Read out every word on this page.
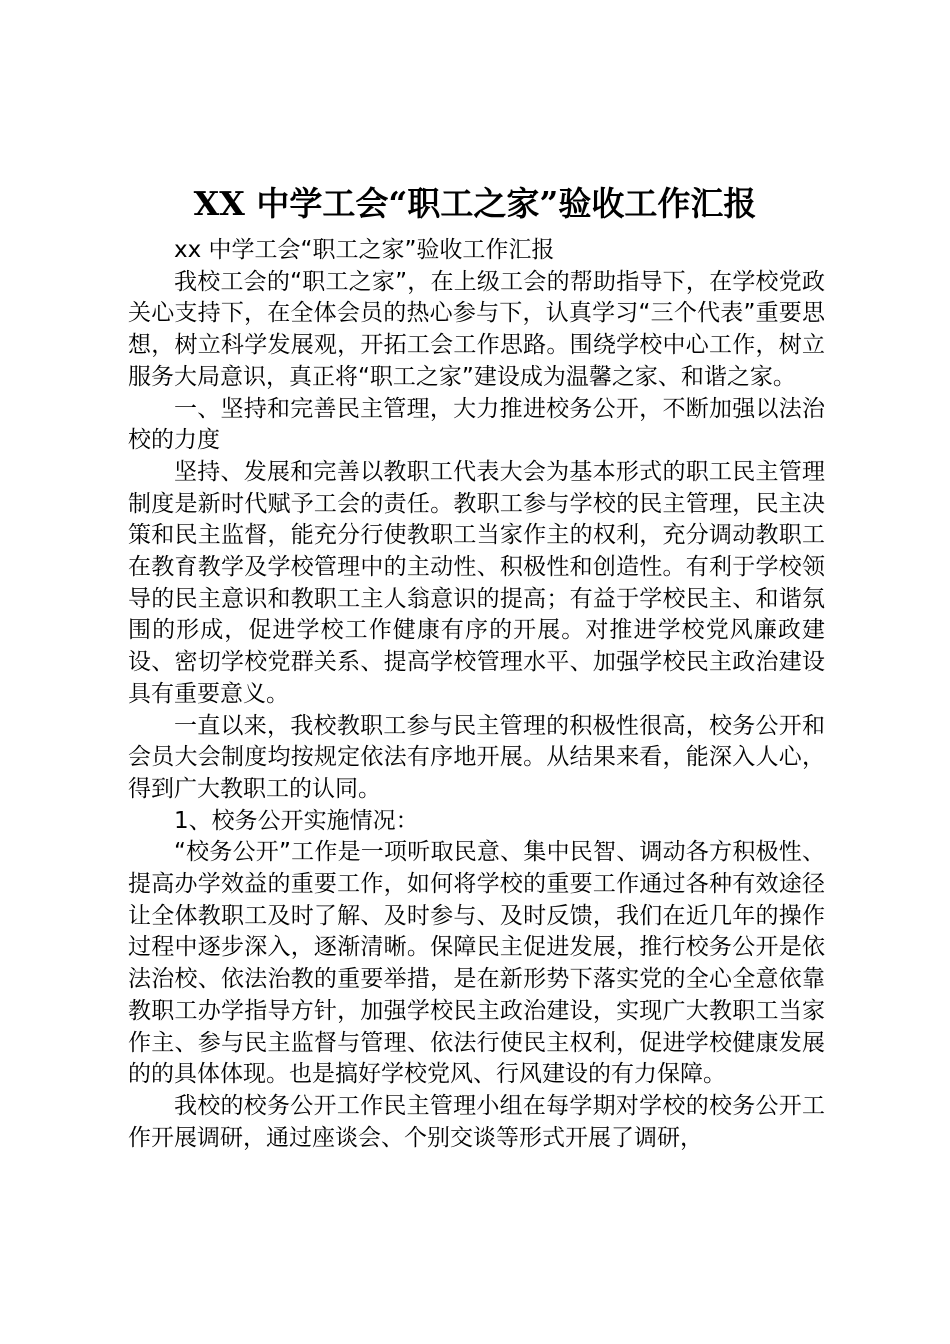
XX 中学工会“职工之家”验收工作汇报

xx 中学工会“职工之家”验收工作汇报

我校工会的“职工之家”，在上级工会的帮助指导下，在学校党政关心支持下，在全体会员的热心参与下，认真学习“三个代表”重要思想，树立科学发展观，开拓工会工作思路。围绕学校中心工作，树立服务大局意识，真正将“职工之家”建设成为温馨之家、和谐之家。

一、坚持和完善民主管理，大力推进校务公开，不断加强以法治校的力度

坚持、发展和完善以教职工代表大会为基本形式的职工民主管理制度是新时代赋予工会的责任。教职工参与学校的民主管理，民主决策和民主监督，能充分行使教职工当家作主的权利，充分调动教职工在教育教学及学校管理中的主动性、积极性和创造性。有利于学校领导的民主意识和教职工主人翁意识的提高；有益于学校民主、和谐氛围的形成，促进学校工作健康有序的开展。对推进学校党风廉政建设、密切学校党群关系、提高学校管理水平、加强学校民主政治建设具有重要意义。

一直以来，我校教职工参与民主管理的积极性很高，校务公开和会员大会制度均按规定依法有序地开展。从结果来看，能深入人心，得到广大教职工的认同。

1、校务公开实施情况：

“校务公开”工作是一项听取民意、集中民智、调动各方积极性、提高办学效益的重要工作，如何将学校的重要工作通过各种有效途径让全体教职工及时了解、及时参与、及时反馈，我们在近几年的操作过程中逐步深入，逐渐清晰。保障民主促进发展，推行校务公开是依法治校、依法治教的重要举措，是在新形势下落实党的全心全意依靠教职工办学指导方针，加强学校民主政治建设，实现广大教职工当家作主、参与民主监督与管理、依法行使民主权利，促进学校健康发展的的具体体现。也是搞好学校党风、行风建设的有力保障。

我校的校务公开工作民主管理小组在每学期对学校的校务公开工作开展调研，通过座谈会、个别交谈等形式开展了调研，
